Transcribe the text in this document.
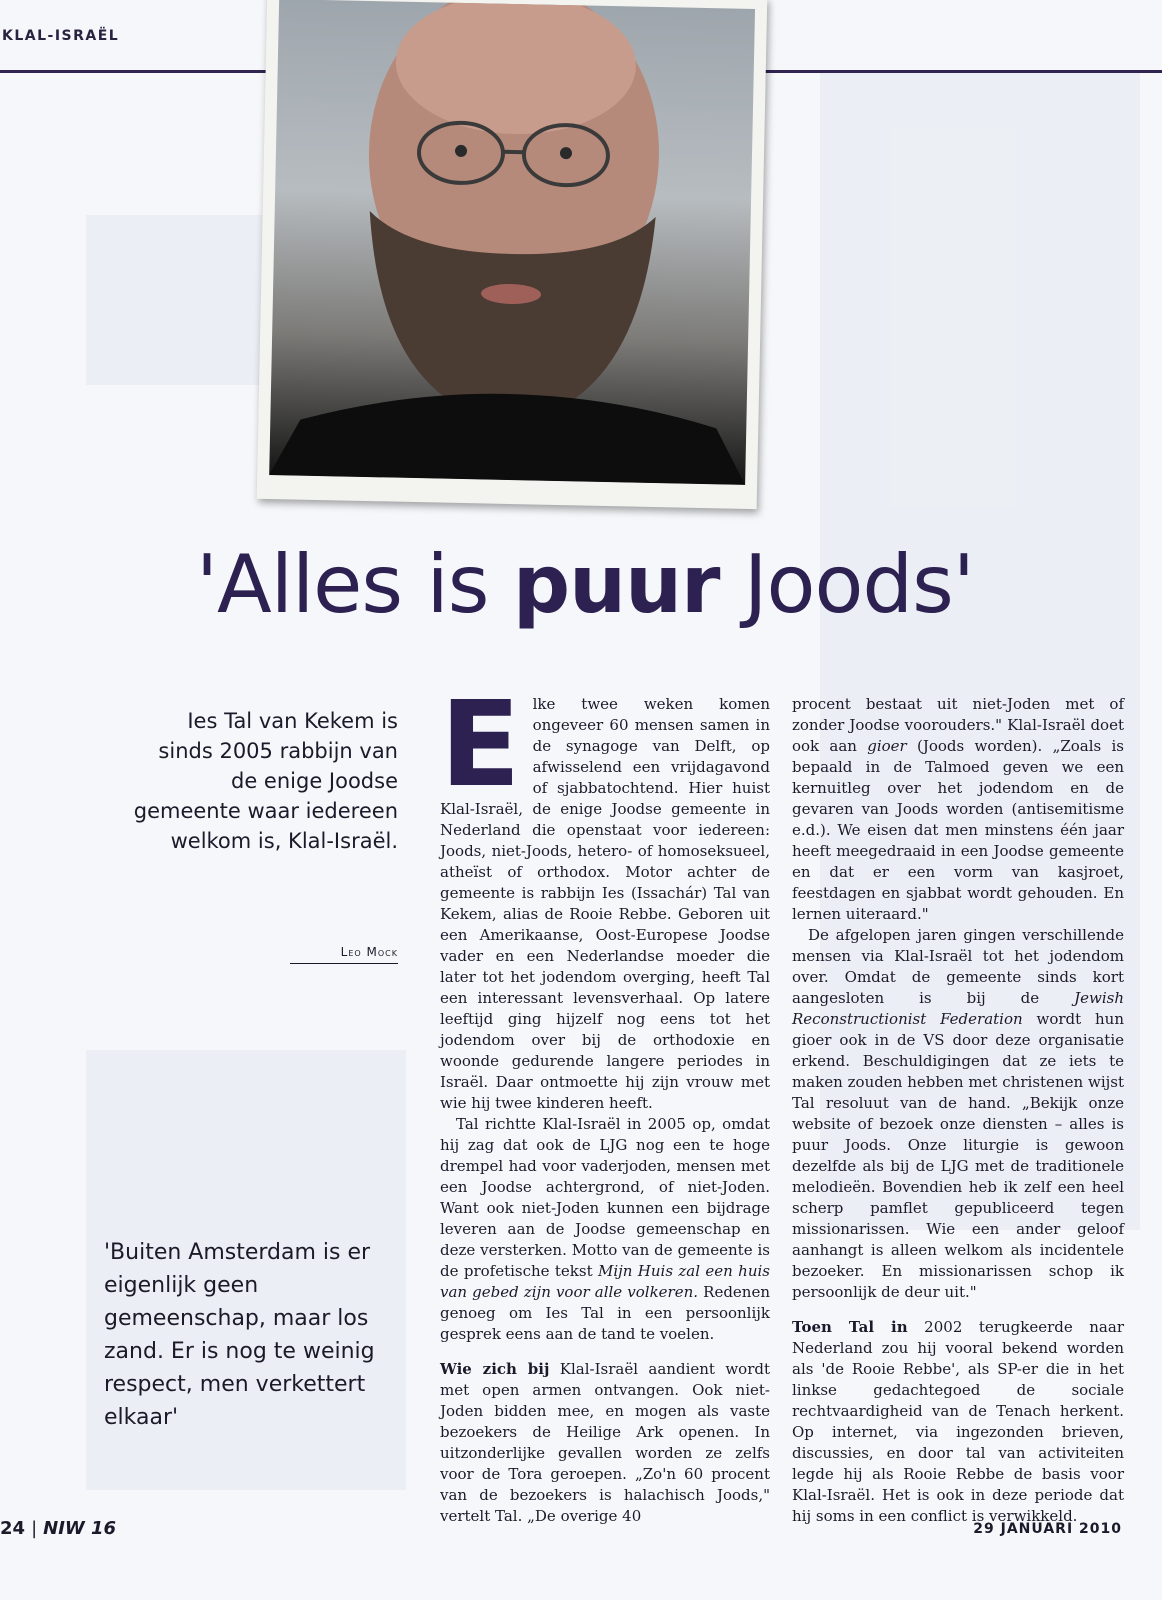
KLAL-ISRAËL
'Alles is puur Joods'
Ies Tal van Kekem is sinds 2005 rabbijn van de enige Joodse gemeente waar iedereen welkom is, Klal-Israël.
Leo Mock
'Buiten Amsterdam is er eigenlijk geen gemeenschap, maar los zand. Er is nog te weinig respect, men verkettert elkaar'

Elke twee weken komen ongeveer 60 mensen samen in de synagoge van Delft, op afwisselend een vrijdagavond of sjabbatochtend. Hier huist Klal-Israël, de enige Joodse gemeente in Nederland die openstaat voor iedereen: Joods, niet-Joods, hetero- of homoseksueel, atheïst of orthodox. Motor achter de gemeente is rabbijn Ies (Issachár) Tal van Kekem, alias de Rooie Rebbe. Geboren uit een Amerikaanse, Oost-Europese Joodse vader en een Nederlandse moeder die later tot het jodendom overging, heeft Tal een interessant levensverhaal. Op latere leeftijd ging hijzelf nog eens tot het jodendom over bij de orthodoxie en woonde gedurende langere periodes in Israël. Daar ontmoette hij zijn vrouw met wie hij twee kinderen heeft.

Tal richtte Klal-Israël in 2005 op, omdat hij zag dat ook de LJG nog een te hoge drempel had voor vaderjoden, mensen met een Joodse achtergrond, of niet-Joden. Want ook niet-Joden kunnen een bijdrage leveren aan de Joodse gemeenschap en deze versterken. Motto van de gemeente is de profetische tekst Mijn Huis zal een huis van gebed zijn voor alle volkeren. Redenen genoeg om Ies Tal in een persoonlijk gesprek eens aan de tand te voelen.

Wie zich bij Klal-Israël aandient wordt met open armen ontvangen. Ook niet-Joden bidden mee, en mogen als vaste bezoekers de Heilige Ark openen. In uitzonderlijke gevallen worden ze zelfs voor de Tora geroepen. „Zo'n 60 procent van de bezoekers is halachisch Joods," vertelt Tal. „De overige 40

procent bestaat uit niet-Joden met of zonder Joodse voorouders." Klal-Israël doet ook aan gioer (Joods worden). „Zoals is bepaald in de Talmoed geven we een kernuitleg over het jodendom en de gevaren van Joods worden (antisemitisme e.d.). We eisen dat men minstens één jaar heeft meegedraaid in een Joodse gemeente en dat er een vorm van kasjroet, feestdagen en sjabbat wordt gehouden. En lernen uiteraard."

De afgelopen jaren gingen verschillende mensen via Klal-Israël tot het jodendom over. Omdat de gemeente sinds kort aangesloten is bij de Jewish Reconstructionist Federation wordt hun gioer ook in de VS door deze organisatie erkend. Beschuldigingen dat ze iets te maken zouden hebben met christenen wijst Tal resoluut van de hand. „Bekijk onze website of bezoek onze diensten – alles is puur Joods. Onze liturgie is gewoon dezelfde als bij de LJG met de traditionele melodieën. Bovendien heb ik zelf een heel scherp pamflet gepubliceerd tegen missionarissen. Wie een ander geloof aanhangt is alleen welkom als incidentele bezoeker. En missionarissen schop ik persoonlijk de deur uit."

Toen Tal in 2002 terugkeerde naar Nederland zou hij vooral bekend worden als 'de Rooie Rebbe', als SP-er die in het linkse gedachtegoed de sociale rechtvaardigheid van de Tenach herkent. Op internet, via ingezonden brieven, discussies, en door tal van activiteiten legde hij als Rooie Rebbe de basis voor Klal-Israël. Het is ook in deze periode dat hij soms in een conflict is verwikkeld.

24 | NIW 16	29 JANUARI 2010
